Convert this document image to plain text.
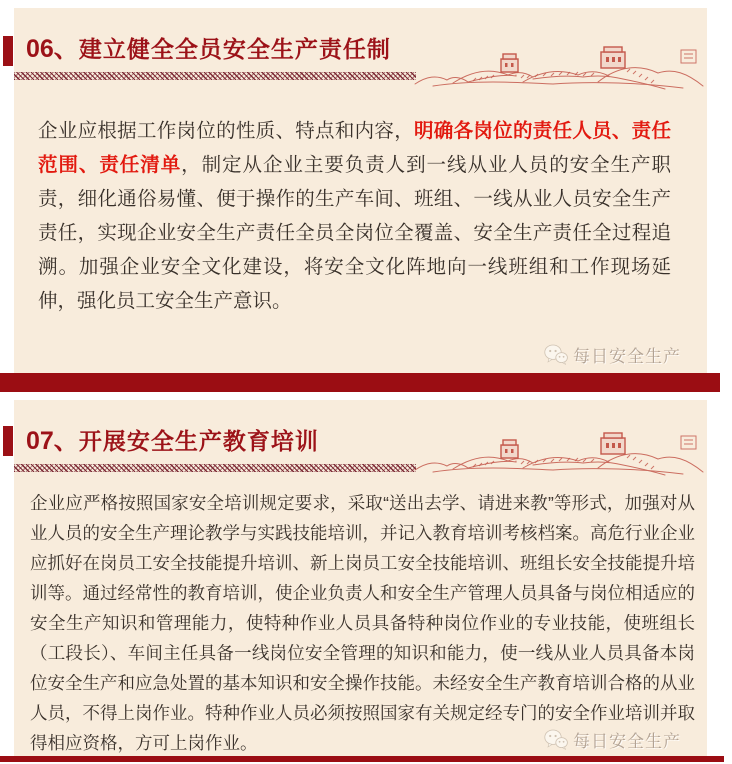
06、建立健全全员安全生产责任制
企业应根据工作岗位的性质、特点和内容，明确各岗位的责任人员、责任范围、责任清单，制定从企业主要负责人到一线从业人员的安全生产职责，细化通俗易懂、便于操作的生产车间、班组、一线从业人员安全生产责任，实现企业安全生产责任全员全岗位全覆盖、安全生产责任全过程追溯。加强企业安全文化建设，将安全文化阵地向一线班组和工作现场延伸，强化员工安全生产意识。
每日安全生产
07、开展安全生产教育培训
企业应严格按照国家安全培训规定要求，采取“送出去学、请进来教”等形式，加强对从业人员的安全生产理论教学与实践技能培训，并记入教育培训考核档案。高危行业企业应抓好在岗员工安全技能提升培训、新上岗员工安全技能培训、班组长安全技能提升培训等。通过经常性的教育培训，使企业负责人和安全生产管理人员具备与岗位相适应的安全生产知识和管理能力，使特种作业人员具备特种岗位作业的专业技能，使班组长（工段长）、车间主任具备一线岗位安全管理的知识和能力，使一线从业人员具备本岗位安全生产和应急处置的基本知识和安全操作技能。未经安全生产教育培训合格的从业人员，不得上岗作业。特种作业人员必须按照国家有关规定经专门的安全作业培训并取得相应资格，方可上岗作业。	每日安全生产
